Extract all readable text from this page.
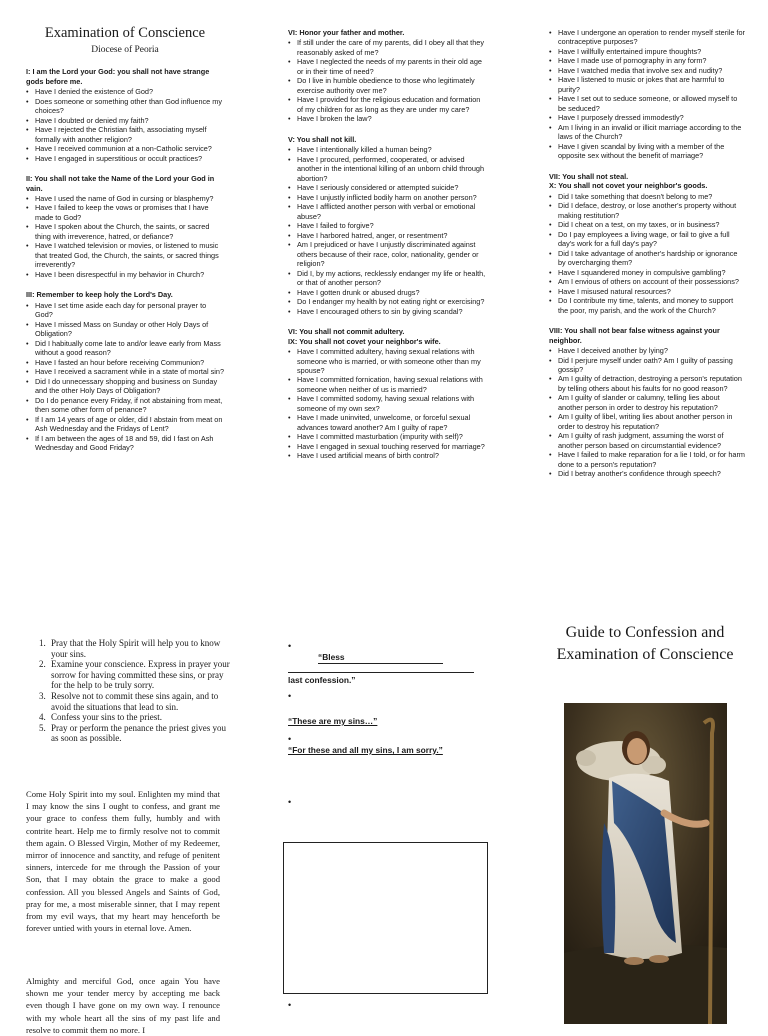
Examination of Conscience
Diocese of Peoria
I: I am the Lord your God: you shall not have strange gods before me.
• Have I denied the existence of God?
• Does someone or something other than God influence my choices?
• Have I doubted or denied my faith?
• Have I rejected the Christian faith, associating myself formally with another religion?
• Have I received communion at a non-Catholic service?
• Have I engaged in superstitious or occult practices?
II: You shall not take the Name of the Lord your God in vain.
• Have I used the name of God in cursing or blasphemy?
• Have I failed to keep the vows or promises that I have made to God?
• Have I spoken about the Church, the saints, or sacred thing with irreverence, hatred, or defiance?
• Have I watched television or movies, or listened to music that treated God, the Church, the saints, or sacred things irreverently?
• Have I been disrespectful in my behavior in Church?
III: Remember to keep holy the Lord's Day.
• Have I set time aside each day for personal prayer to God?
• Have I missed Mass on Sunday or other Holy Days of Obligation?
• Did I habitually come late to and/or leave early from Mass without a good reason?
• Have I fasted an hour before receiving Communion?
• Have I received a sacrament while in a state of mortal sin?
• Did I do unnecessary shopping and business on Sunday and the other Holy Days of Obligation?
• Do I do penance every Friday, if not abstaining from meat, then some other form of penance?
• If I am 14 years of age or older, did I abstain from meat on Ash Wednesday and the Fridays of Lent?
• If I am between the ages of 18 and 59, did I fast on Ash Wednesday and Good Friday?
VI: Honor your father and mother.
• If still under the care of my parents, did I obey all that they reasonably asked of me?
• Have I neglected the needs of my parents in their old age or in their time of need?
• Do I live in humble obedience to those who legitimately exercise authority over me?
• Have I provided for the religious education and formation of my children for as long as they are under my care?
• Have I broken the law?
V: You shall not kill.
• Have I intentionally killed a human being?
• Have I procured, performed, cooperated, or advised another in the intentional killing of an unborn child through abortion?
• Have I seriously considered or attempted suicide?
• Have I unjustly inflicted bodily harm on another person?
• Have I afflicted another person with verbal or emotional abuse?
• Have I failed to forgive?
• Have I harbored hatred, anger, or resentment?
• Am I prejudiced or have I unjustly discriminated against others because of their race, color, nationality, gender or religion?
• Did I, by my actions, recklessly endanger my life or health, or that of another person?
• Have I gotten drunk or abused drugs?
• Do I endanger my health by not eating right or exercising?
• Have I encouraged others to sin by giving scandal?
VI: You shall not commit adultery.
IX: You shall not covet your neighbor's wife.
• Have I committed adultery, having sexual relations with someone who is married, or with someone other than my spouse?
• Have I committed fornication, having sexual relations with someone when neither of us is married?
• Have I committed sodomy, having sexual relations with someone of my own sex?
• Have I made uninvited, unwelcome, or forceful sexual advances toward another? Am I guilty of rape?
• Have I committed masturbation (impurity with self)?
• Have I engaged in sexual touching reserved for marriage?
• Have I used artificial means of birth control?
• Have I undergone an operation to render myself sterile for contraceptive purposes?
• Have I willfully entertained impure thoughts?
• Have I made use of pornography in any form?
• Have I watched media that involve sex and nudity?
• Have I listened to music or jokes that are harmful to purity?
• Have I set out to seduce someone, or allowed myself to be seduced?
• Have I purposely dressed immodestly?
• Am I living in an invalid or illicit marriage according to the laws of the Church?
• Have I given scandal by living with a member of the opposite sex without the benefit of marriage?
VII: You shall not steal.
X: You shall not covet your neighbor's goods.
• Did I take something that doesn't belong to me?
• Did I deface, destroy, or lose another's property without making restitution?
• Did I cheat on a test, on my taxes, or in business?
• Do I pay employees a living wage, or fail to give a full day's work for a full day's pay?
• Did I take advantage of another's hardship or ignorance by overcharging them?
• Have I squandered money in compulsive gambling?
• Am I envious of others on account of their possessions?
• Have I misused natural resources?
• Do I contribute my time, talents, and money to support the poor, my parish, and the work of the Church?
VIII: You shall not bear false witness against your neighbor.
• Have I deceived another by lying?
• Did I perjure myself under oath? Am I guilty of passing gossip?
• Am I guilty of detraction, destroying a person's reputation by telling others about his faults for no good reason?
• Am I guilty of slander or calumny, telling lies about another person in order to destroy his reputation?
• Am I guilty of libel, writing lies about another person in order to destroy his reputation?
• Am I guilty of rash judgment, assuming the worst of another person based on circumstantial evidence?
• Have I failed to make reparation for a lie I told, or for harm done to a person's reputation?
• Did I betray another's confidence through speech?
1. Pray that the Holy Spirit will help you to know your sins.
2. Examine your conscience. Express in prayer your sorrow for having committed these sins, or pray for the help to be truly sorry.
3. Resolve not to commit these sins again, and to avoid the situations that lead to sin.
4. Confess your sins to the priest.
5. Pray or perform the penance the priest gives you as soon as possible.
Come Holy Spirit into my soul. Enlighten my mind that I may know the sins I ought to confess, and grant me your grace to confess them fully, humbly and with contrite heart. Help me to firmly resolve not to commit them again. O Blessed Virgin, Mother of my Redeemer, mirror of innocence and sanctity, and refuge of penitent sinners, intercede for me through the Passion of your Son, that I may obtain the grace to make a good confession. All you blessed Angels and Saints of God, pray for me, a most miserable sinner, that I may repent from my evil ways, that my heart may henceforth be forever untied with yours in eternal love. Amen.
Almighty and merciful God, once again You have shown me your tender mercy by accepting me back even though I have gone on my own way. I renounce with my whole heart all the sins of my past life and resolve to commit them no more. I
•
“Bless
last confession.”
•
“These are my sins…”
•
“For these and all my sins, I am sorry.”
•
•
Guide to Confession and Examination of Conscience
